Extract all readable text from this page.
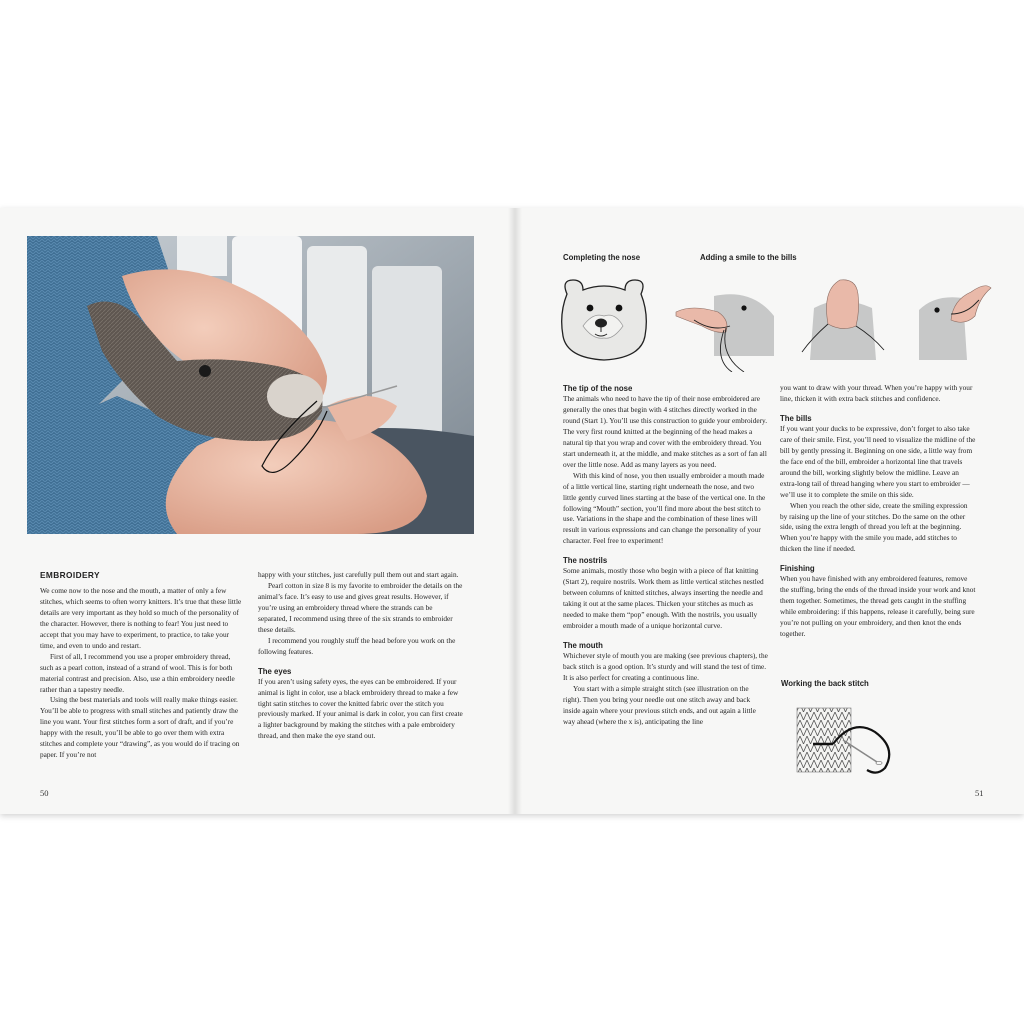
EMBROIDERY

We come now to the nose and the mouth, a matter of only a few stitches, which seems to often worry knitters. It’s true that these little details are very important as they hold so much of the personality of the character. However, there is nothing to fear! You just need to accept that you may have to experiment, to practice, to take your time, and even to undo and restart.

First of all, I recommend you use a proper embroidery thread, such as a pearl cotton, instead of a strand of wool. This is for both material contrast and precision. Also, use a thin embroidery needle rather than a tapestry needle.

Using the best materials and tools will really make things easier. You’ll be able to progress with small stitches and patiently draw the line you want. Your first stitches form a sort of draft, and if you’re happy with the result, you’ll be able to go over them with extra stitches and complete your “drawing”, as you would do if tracing on paper. If you’re not

happy with your stitches, just carefully pull them out and start again.

Pearl cotton in size 8 is my favorite to embroider the details on the animal’s face. It’s easy to use and gives great results. However, if you’re using an embroidery thread where the strands can be separated, I recommend using three of the six strands to embroider these details.

I recommend you roughly stuff the head before you work on the following features.

The eyes

If you aren’t using safety eyes, the eyes can be embroidered. If your animal is light in color, use a black embroidery thread to make a few tight satin stitches to cover the knitted fabric over the stitch you previously marked. If your animal is dark in color, you can first create a lighter background by making the stitches with a pale embroidery thread, and then make the eye stand out.

50
Completing the nose	Adding a smile to the bills
The tip of the nose

The animals who need to have the tip of their nose embroidered are generally the ones that begin with 4 stitches directly worked in the round (Start 1). You’ll use this construction to guide your embroidery. The very first round knitted at the beginning of the head makes a natural tip that you wrap and cover with the embroidery thread. You start underneath it, at the middle, and make stitches as a sort of fan all over the little nose. Add as many layers as you need.

With this kind of nose, you then usually embroider a mouth made of a little vertical line, starting right underneath the nose, and two little gently curved lines starting at the base of the vertical one. In the following “Mouth” section, you’ll find more about the best stitch to use. Variations in the shape and the combination of these lines will result in various expressions and can change the personality of your character. Feel free to experiment!

The nostrils

Some animals, mostly those who begin with a piece of flat knitting (Start 2), require nostrils. Work them as little vertical stitches nestled between columns of knitted stitches, always inserting the needle and taking it out at the same places. Thicken your stitches as much as needed to make them “pop” enough. With the nostrils, you usually embroider a mouth made of a unique horizontal curve.

The mouth

Whichever style of mouth you are making (see previous chapters), the back stitch is a good option. It’s sturdy and will stand the test of time. It is also perfect for creating a continuous line.

You start with a simple straight stitch (see illustration on the right). Then you bring your needle out one stitch away and back inside again where your previous stitch ends, and out again a little way ahead (where the x is), anticipating the line

you want to draw with your thread. When you’re happy with your line, thicken it with extra back stitches and confidence.

The bills

If you want your ducks to be expressive, don’t forget to also take care of their smile. First, you’ll need to visualize the midline of the bill by gently pressing it. Beginning on one side, a little way from the face end of the bill, embroider a horizontal line that travels around the bill, working slightly below the midline. Leave an extra-long tail of thread hanging where you start to embroider — we’ll use it to complete the smile on this side.

When you reach the other side, create the smiling expression by raising up the line of your stitches. Do the same on the other side, using the extra length of thread you left at the beginning. When you’re happy with the smile you made, add stitches to thicken the line if needed.

Finishing

When you have finished with any embroidered features, remove the stuffing, bring the ends of the thread inside your work and knot them together. Sometimes, the thread gets caught in the stuffing while embroidering: if this happens, release it carefully, being sure you’re not pulling on your embroidery, and then knot the ends together.

Working the back stitch
51
